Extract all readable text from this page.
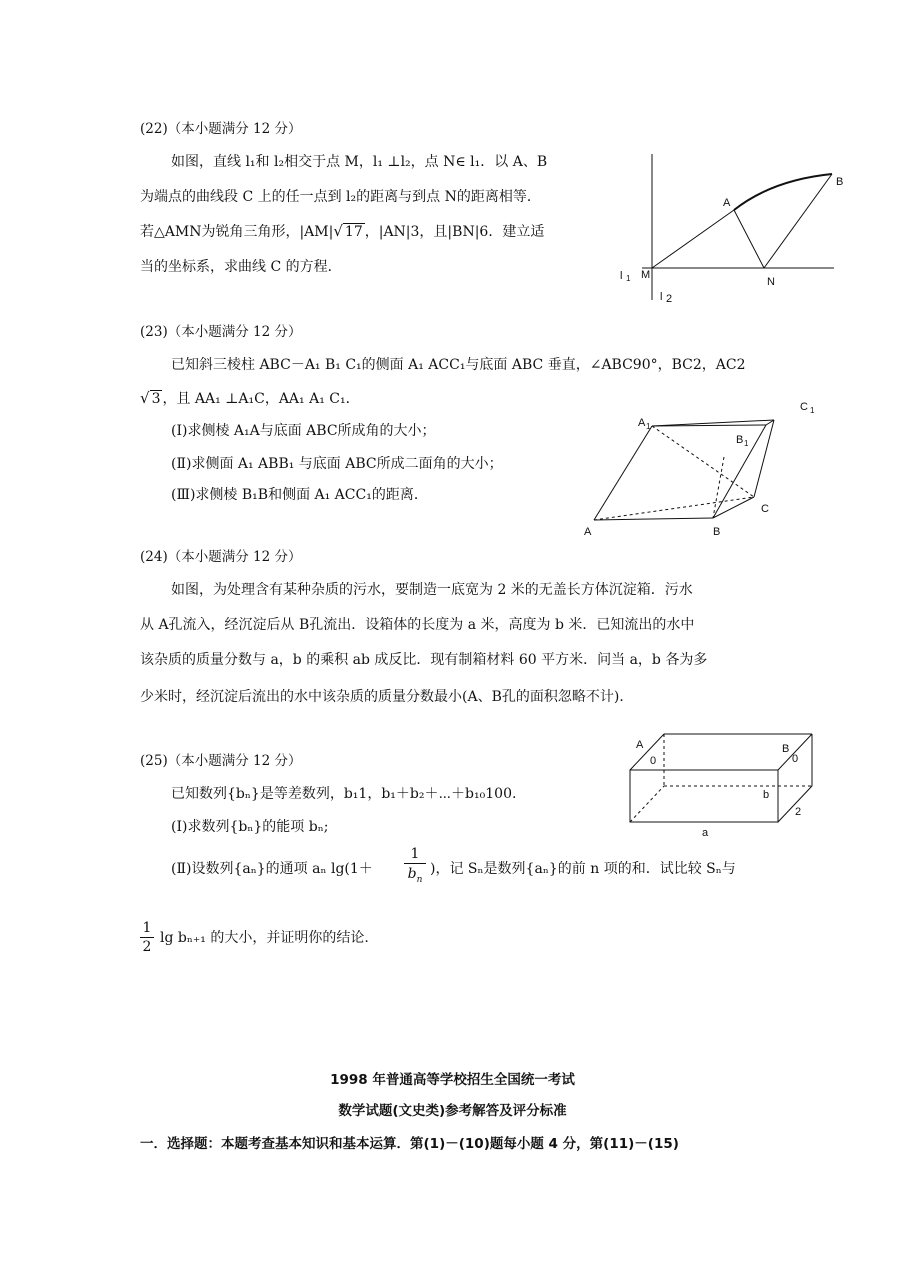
(22)（本小题满分 12 分）
如图，直线 l₁和 l₂相交于点 M，l₁ ⊥l₂，点 N∈ l₁．以 A、B
为端点的曲线段 C 上的任一点到 l₂的距离与到点 N的距离相等．
若△AMN为锐角三角形，|AM|√ 17 ，|AN|3，且|BN|6．建立适
当的坐标系，求曲线 C 的方程．
A
B
M
N
l 1
l 2
(23)（本小题满分 12 分）
已知斜三棱柱 ABC－A₁ B₁ C₁的侧面 A₁ ACC₁与底面 ABC 垂直，∠ABC90°，BC2，AC2
√ 3 ，且 AA₁ ⊥A₁C，AA₁ A₁ C₁．
(Ⅰ)求侧棱 A₁A与底面 ABC所成角的大小；
(Ⅱ)求侧面 A₁ ABB₁ 与底面 ABC所成二面角的大小；
(Ⅲ)求侧棱 B₁B和侧面 A₁ ACC₁的距离．
A 1
B 1
C 1
A	B
C
(24)（本小题满分 12 分）
如图，为处理含有某种杂质的污水，要制造一底宽为 2 米的无盖长方体沉淀箱．污水
从 A孔流入，经沉淀后从 B孔流出．设箱体的长度为 a 米，高度为 b 米．已知流出的水中
该杂质的质量分数与 a，b 的乘积 ab 成反比．现有制箱材料 60 平方米．问当 a，b 各为多
少米时，经沉淀后流出的水中该杂质的质量分数最小(A、B孔的面积忽略不计)．
(25)（本小题满分 12 分）
已知数列{bₙ}是等差数列，b₁1，b₁＋b₂＋⋯＋b₁₀100.
(Ⅰ)求数列{bₙ}的能项 bₙ;
(Ⅱ)设数列{aₙ}的通项 aₙ $\lg(1+ \frac{1}{b_n}$ )，记 Sₙ是数列{aₙ}的前 n 项的和．试比较 Sₙ与
$\frac{1}{2}$ lg bₙ₊₁ 的大小，并证明你的结论.
A
0
B
0
b
a
2
1998 年普通高等学校招生全国统一考试
数学试题(文史类)参考解答及评分标准
一．选择题：本题考查基本知识和基本运算．第(1)－(10)题每小题 4 分，第(11)－(15)
